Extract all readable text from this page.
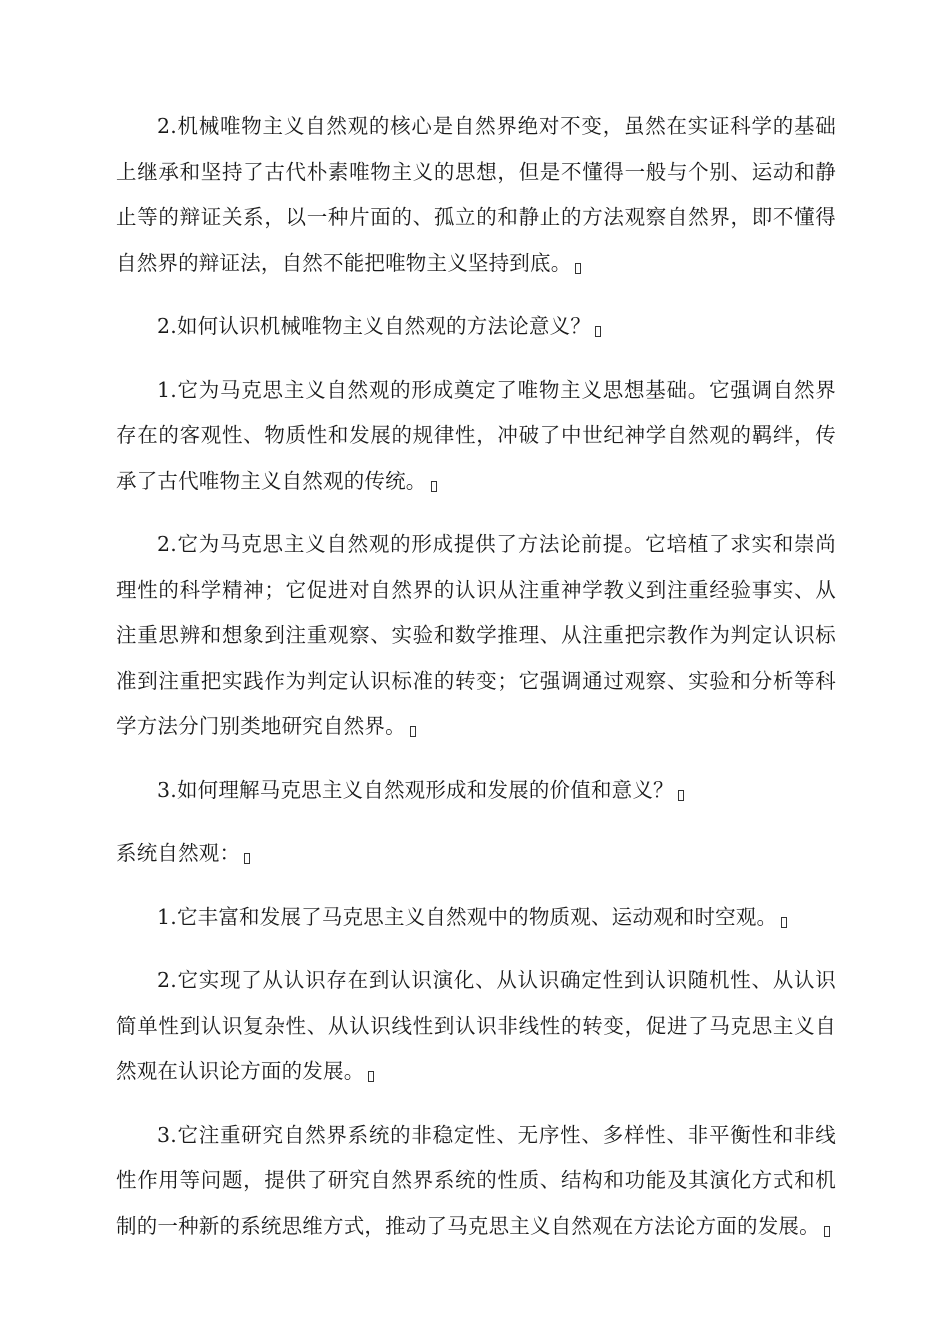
2.机械唯物主义自然观的核心是自然界绝对不变，虽然在实证科学的基础上继承和坚持了古代朴素唯物主义的思想，但是不懂得一般与个别、运动和静止等的辩证关系，以一种片面的、孤立的和静止的方法观察自然界，即不懂得自然界的辩证法，自然不能把唯物主义坚持到底。

2.如何认识机械唯物主义自然观的方法论意义？

1.它为马克思主义自然观的形成奠定了唯物主义思想基础。它强调自然界存在的客观性、物质性和发展的规律性，冲破了中世纪神学自然观的羁绊，传承了古代唯物主义自然观的传统。

2.它为马克思主义自然观的形成提供了方法论前提。它培植了求实和崇尚理性的科学精神；它促进对自然界的认识从注重神学教义到注重经验事实、从注重思辨和想象到注重观察、实验和数学推理、从注重把宗教作为判定认识标准到注重把实践作为判定认识标准的转变；它强调通过观察、实验和分析等科学方法分门别类地研究自然界。

3.如何理解马克思主义自然观形成和发展的价值和意义？

系统自然观：

1.它丰富和发展了马克思主义自然观中的物质观、运动观和时空观。

2.它实现了从认识存在到认识演化、从认识确定性到认识随机性、从认识简单性到认识复杂性、从认识线性到认识非线性的转变，促进了马克思主义自然观在认识论方面的发展。

3.它注重研究自然界系统的非稳定性、无序性、多样性、非平衡性和非线性作用等问题，提供了研究自然界系统的性质、结构和功能及其演化方式和机制的一种新的系统思维方式，推动了马克思主义自然观在方法论方面的发展。
